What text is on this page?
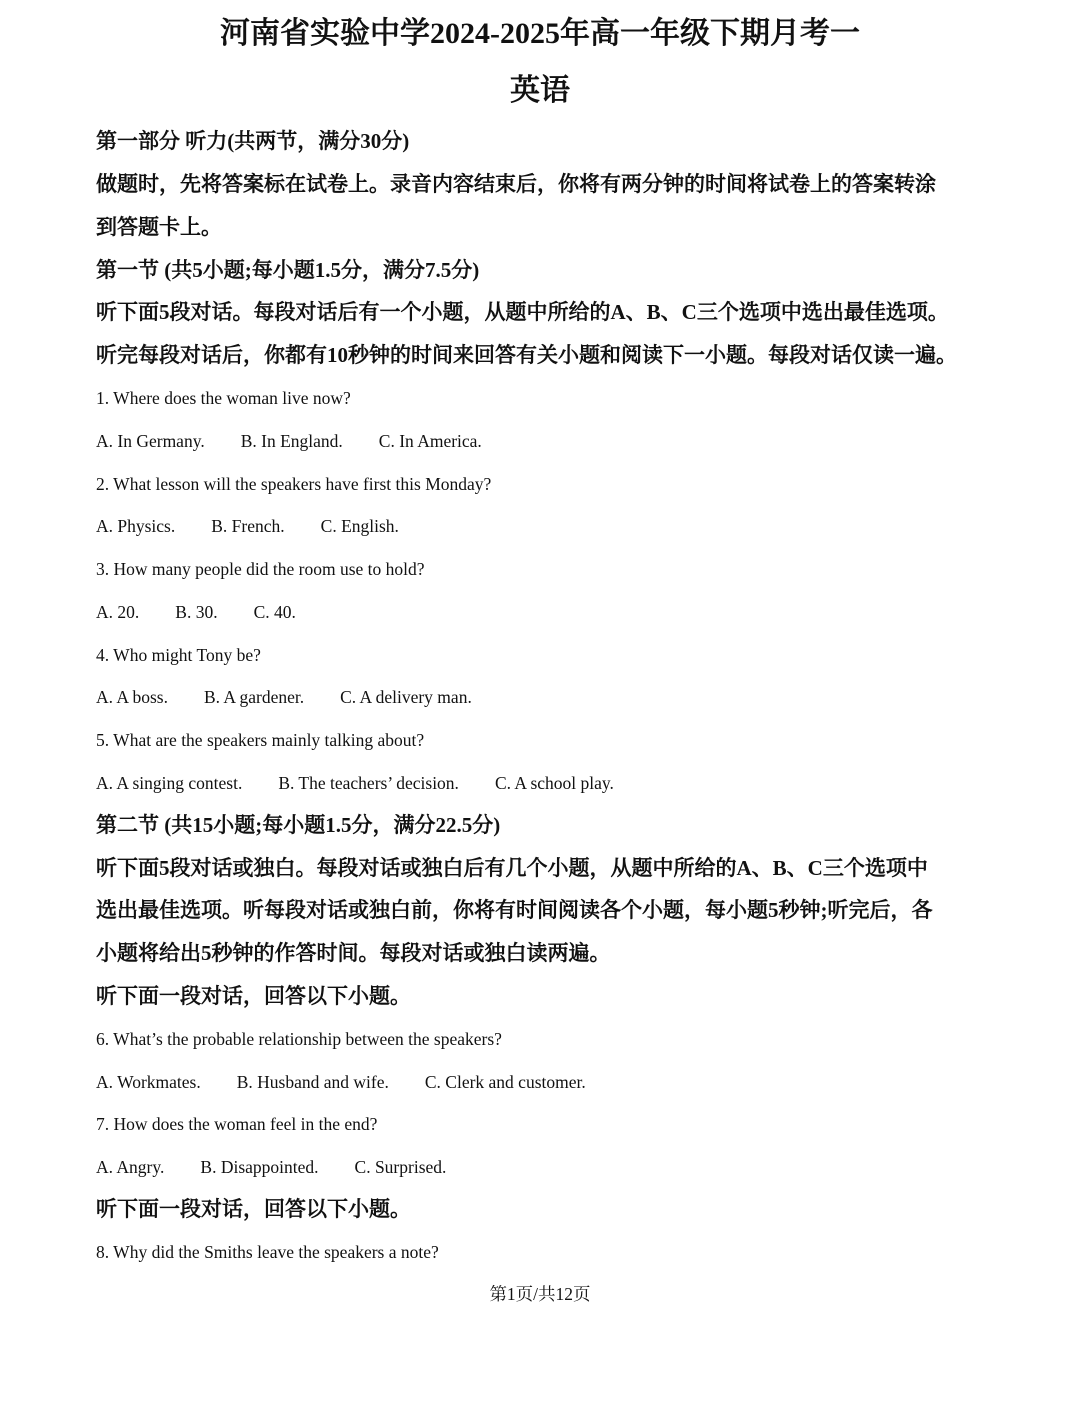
河南省实验中学2024-2025年高一年级下期月考一
英语
第一部分 听力(共两节，满分30分)
做题时，先将答案标在试卷上。录音内容结束后，你将有两分钟的时间将试卷上的答案转涂
到答题卡上。
第一节 (共5小题;每小题1.5分，满分7.5分)
听下面5段对话。每段对话后有一个小题，从题中所给的A、B、C三个选项中选出最佳选项。
听完每段对话后，你都有10秒钟的时间来回答有关小题和阅读下一小题。每段对话仅读一遍。
1. Where does the woman live now?
A. In Germany. B. In England. C. In America.
2. What lesson will the speakers have first this Monday?
A. Physics. B. French. C. English.
3. How many people did the room use to hold?
A. 20. B. 30. C. 40.
4. Who might Tony be?
A. A boss. B. A gardener. C. A delivery man.
5. What are the speakers mainly talking about?
A. A singing contest. B. The teachers’ decision. C. A school play.
第二节 (共15小题;每小题1.5分，满分22.5分)
听下面5段对话或独白。每段对话或独白后有几个小题，从题中所给的A、B、C三个选项中
选出最佳选项。听每段对话或独白前，你将有时间阅读各个小题，每小题5秒钟;听完后，各
小题将给出5秒钟的作答时间。每段对话或独白读两遍。
听下面一段对话，回答以下小题。
6. What’s the probable relationship between the speakers?
A. Workmates. B. Husband and wife. C. Clerk and customer.
7. How does the woman feel in the end?
A. Angry. B. Disappointed. C. Surprised.
听下面一段对话，回答以下小题。
8. Why did the Smiths leave the speakers a note?
第1页/共12页
